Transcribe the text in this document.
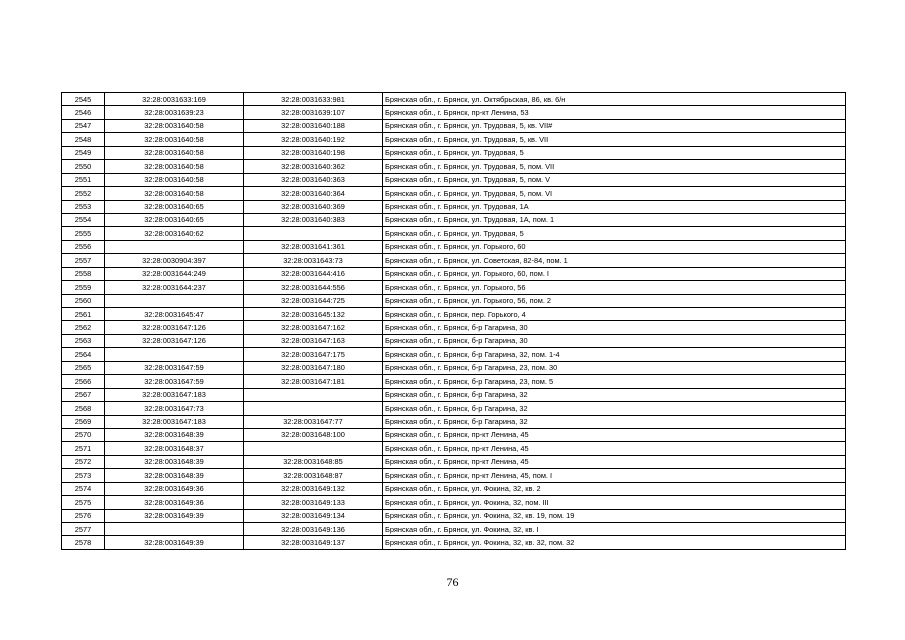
2545	32:28:0031633:169	32:28:0031633:981	Брянская обл., г. Брянск, ул. Октябрьская, 86, кв. 6/н
2546	32:28:0031639:23	32:28:0031639:107	Брянская обл., г. Брянск, пр-кт Ленина, 53
2547	32:28:0031640:58	32:28:0031640:188	Брянская обл., г. Брянск, ул. Трудовая, 5, кв. VII#
2548	32:28:0031640:58	32:28:0031640:192	Брянская обл., г. Брянск, ул. Трудовая, 5, кв. VII
2549	32:28:0031640:58	32:28:0031640:198	Брянская обл., г. Брянск, ул. Трудовая, 5
2550	32:28:0031640:58	32:28:0031640:362	Брянская обл., г. Брянск, ул. Трудовая, 5, пом. VII
2551	32:28:0031640:58	32:28:0031640:363	Брянская обл., г. Брянск, ул. Трудовая, 5, пом. V
2552	32:28:0031640:58	32:28:0031640:364	Брянская обл., г. Брянск, ул. Трудовая, 5, пом. VI
2553	32:28:0031640:65	32:28:0031640:369	Брянская обл., г. Брянск, ул. Трудовая, 1А
2554	32:28:0031640:65	32:28:0031640:383	Брянская обл., г. Брянск, ул. Трудовая, 1А, пом. 1
2555	32:28:0031640:62		Брянская обл., г. Брянск, ул. Трудовая, 5
2556		32:28:0031641:361	Брянская обл., г. Брянск, ул. Горького, 60
2557	32:28:0030904:397	32:28:0031643:73	Брянская обл., г. Брянск, ул. Советская, 82-84, пом. 1
2558	32:28:0031644:249	32:28:0031644:416	Брянская обл., г. Брянск, ул. Горького, 60, пом. I
2559	32:28:0031644:237	32:28:0031644:556	Брянская обл., г. Брянск, ул. Горького, 56
2560		32:28:0031644:725	Брянская обл., г. Брянск, ул. Горького, 56, пом. 2
2561	32:28:0031645:47	32:28:0031645:132	Брянская обл., г. Брянск, пер. Горького, 4
2562	32:28:0031647:126	32:28:0031647:162	Брянская обл., г. Брянск, б-р Гагарина, 30
2563	32:28:0031647:126	32:28:0031647:163	Брянская обл., г. Брянск, б-р Гагарина, 30
2564		32:28:0031647:175	Брянская обл., г. Брянск, б-р Гагарина, 32, пом. 1-4
2565	32:28:0031647:59	32:28:0031647:180	Брянская обл., г. Брянск, б-р Гагарина, 23, пом. 30
2566	32:28:0031647:59	32:28:0031647:181	Брянская обл., г. Брянск, б-р Гагарина, 23, пом. 5
2567	32:28:0031647:183		Брянская обл., г. Брянск, б-р Гагарина, 32
2568	32:28:0031647:73		Брянская обл., г. Брянск, б-р Гагарина, 32
2569	32:28:0031647:183	32:28:0031647:77	Брянская обл., г. Брянск, б-р Гагарина, 32
2570	32:28:0031648:39	32:28:0031648:100	Брянская обл., г. Брянск, пр-кт Ленина, 45
2571	32:28:0031648:37		Брянская обл., г. Брянск, пр-кт Ленина, 45
2572	32:28:0031648:39	32:28:0031648:85	Брянская обл., г. Брянск, пр-кт Ленина, 45
2573	32:28:0031648:39	32:28:0031648:87	Брянская обл., г. Брянск, пр-кт Ленина, 45, пом. I
2574	32:28:0031649:36	32:28:0031649:132	Брянская обл., г. Брянск, ул. Фокина, 32, кв. 2
2575	32:28:0031649:36	32:28:0031649:133	Брянская обл., г. Брянск, ул. Фокина, 32, пом. III
2576	32:28:0031649:39	32:28:0031649:134	Брянская обл., г. Брянск, ул. Фокина, 32, кв. 19, пом. 19
2577		32:28:0031649:136	Брянская обл., г. Брянск, ул. Фокина, 32, кв. I
2578	32:28:0031649:39	32:28:0031649:137	Брянская обл., г. Брянск, ул. Фокина, 32, кв. 32, пом. 32
76
